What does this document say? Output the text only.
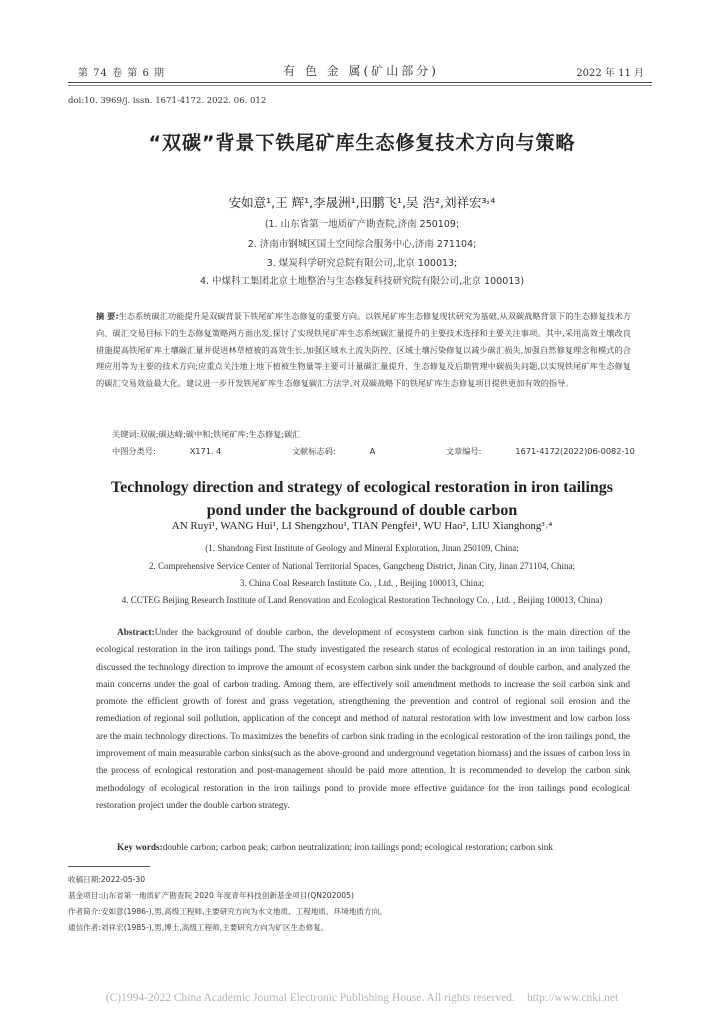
第 74 卷 第 6 期	有 色 金 属(矿山部分)	2022 年 11 月
doi:10. 3969/j. issn. 1671-4172. 2022. 06. 012
“双碳”背景下铁尾矿库生态修复技术方向与策略
安如意¹,王 辉¹,李晟洲¹,田鹏飞¹,吴 浩²,刘祥宏³˒⁴
(1. 山东省第一地质矿产勘查院,济南 250109;
2. 济南市钢城区国土空间综合服务中心,济南 271104;
3. 煤炭科学研究总院有限公司,北京 100013;
4. 中煤科工集团北京土地整治与生态修复科技研究院有限公司,北京 100013)
摘 要:生态系统碳汇功能提升是双碳背景下铁尾矿库生态修复的重要方向。以铁尾矿库生态修复现状研究为基础,从双碳战略背景下的生态修复技术方向、碳汇交易目标下的生态修复策略两方面出发,探讨了实现铁尾矿库生态系统碳汇量提升的主要技术选择和主要关注事项。其中,采用高效土壤改良措施提高铁尾矿库土壤碳汇量并促进林草植被的高效生长,加强区域水土流失防控、区域土壤污染修复以减少碳汇损失,加强自然修复理念和模式的合理应用等为主要的技术方向;应重点关注地上地下植被生物量等主要可计量碳汇量提升、生态修复及后期管理中碳损失问题,以实现铁尾矿库生态修复的碳汇交易效益最大化。建议进一步开发铁尾矿库生态修复碳汇方法学,对双碳战略下的铁尾矿库生态修复项目提供更加有效的指导。
关键词:双碳;碳达峰;碳中和;铁尾矿库;生态修复;碳汇
中图分类号:	X171. 4	文献标志码:	A	文章编号:	1671-4172(2022)06-0082-10
Technology direction and strategy of ecological restoration in iron tailings
pond under the background of double carbon
AN Ruyi¹, WANG Hui¹, LI Shengzhou¹, TIAN Pengfei¹, WU Hao², LIU Xianghong³˒⁴
(1. Shandong First Institute of Geology and Mineral Exploration, Jinan 250109, China;
2. Comprehensive Service Center of National Territorial Spaces, Gangcheng District, Jinan City, Jinan 271104, China;
3. China Coal Research Institute Co. , Ltd. , Beijing 100013, China;
4. CCTEG Beijing Research Institute of Land Renovation and Ecological Restoration Technology Co. , Ltd. , Beijing 100013, China)
Abstract:Under the background of double carbon, the development of ecosystem carbon sink function is the main direction of the ecological restoration in the iron tailings pond. The study investigated the research status of ecological restoration in an iron tailings pond, discussed the technology direction to improve the amount of ecosystem carbon sink under the background of double carbon, and analyzed the main concerns under the goal of carbon trading. Among them, are effectively soil amendment methods to increase the soil carbon sink and promote the efficient growth of forest and grass vegetation, strengthening the prevention and control of regional soil erosion and the remediation of regional soil pollution, application of the concept and method of natural restoration with low investment and low carbon loss are the main technology directions. To maximizes the benefits of carbon sink trading in the ecological restoration of the iron tailings pond, the improvement of main measurable carbon sinks(such as the above-ground and underground vegetation biomass) and the issues of carbon loss in the process of ecological restoration and post-management should be paid more attention. It is recommended to develop the carbon sink methodology of ecological restoration in the iron tailings pond to provide more effective guidance for the iron tailings pond ecological restoration project under the double carbon strategy.
Key words:double carbon; carbon peak; carbon neutralization; iron tailings pond; ecological restoration; carbon sink
收稿日期:2022-05-30
基金项目:山东省第一地质矿产勘查院 2020 年度青年科技创新基金项目(QN202005)
作者简介:安如意(1986-),男,高级工程师,主要研究方向为水文地质、工程地质、环境地质方向。
通信作者:刘祥宏(1985-),男,博士,高级工程师,主要研究方向为矿区生态修复。
(C)1994-2022 China Academic Journal Electronic Publishing House. All rights reserved. http://www.cnki.net
